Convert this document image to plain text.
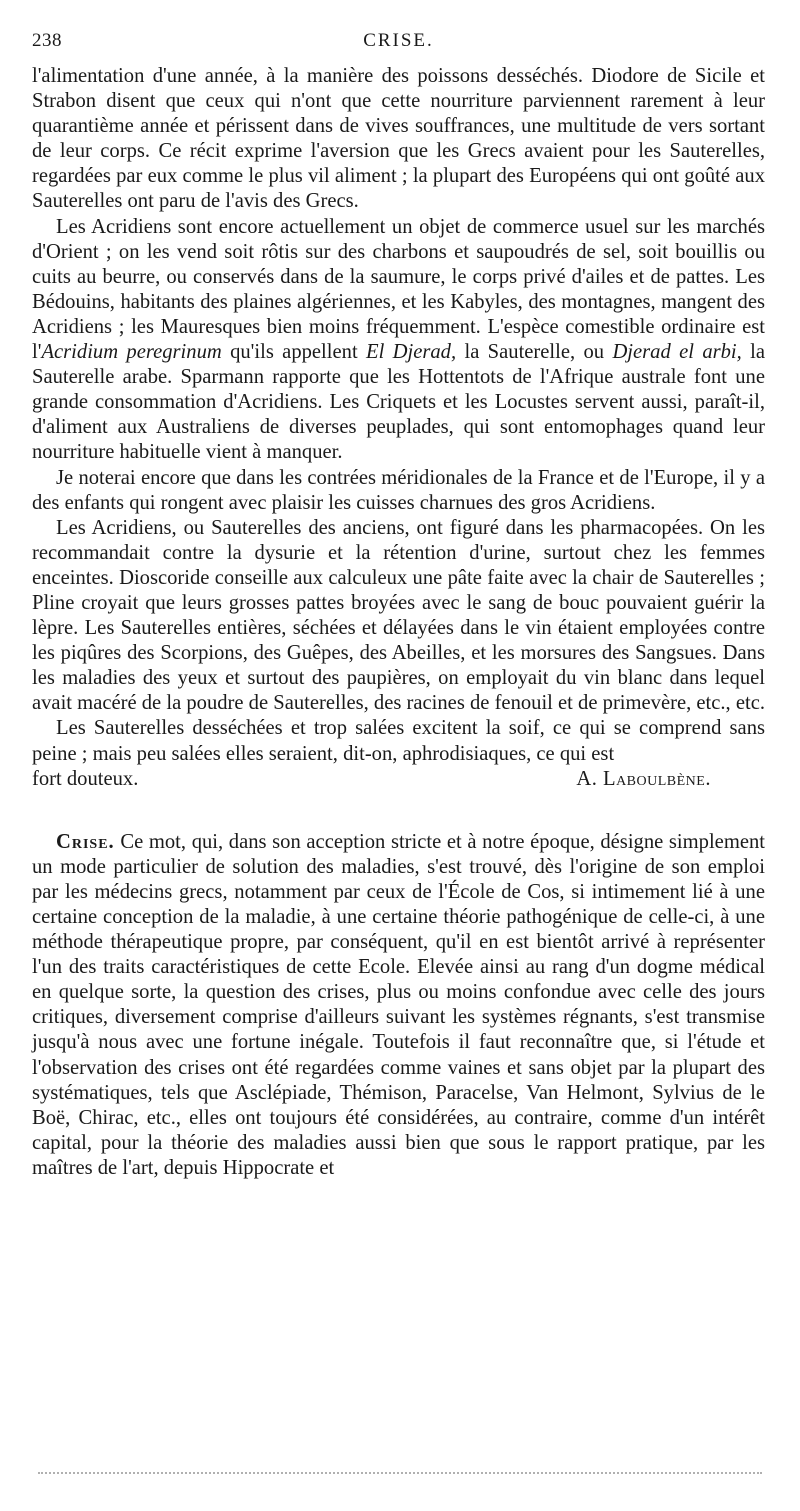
238	CRISE.

l'alimentation d'une année, à la manière des poissons desséchés. Diodore de Sicile et Strabon disent que ceux qui n'ont que cette nourriture parviennent rarement à leur quarantième année et périssent dans de vives souffrances, une multitude de vers sortant de leur corps. Ce récit exprime l'aversion que les Grecs avaient pour les Sauterelles, regardées par eux comme le plus vil aliment ; la plupart des Européens qui ont goûté aux Sauterelles ont paru de l'avis des Grecs.

Les Acridiens sont encore actuellement un objet de commerce usuel sur les marchés d'Orient ; on les vend soit rôtis sur des charbons et saupoudrés de sel, soit bouillis ou cuits au beurre, ou conservés dans de la saumure, le corps privé d'ailes et de pattes. Les Bédouins, habitants des plaines algériennes, et les Kabyles, des montagnes, mangent des Acridiens ; les Mauresques bien moins fréquemment. L'espèce comestible ordinaire est l'Acridium peregrinum qu'ils appellent El Djerad, la Sauterelle, ou Djerad el arbi, la Sauterelle arabe. Sparmann rapporte que les Hottentots de l'Afrique australe font une grande consommation d'Acridiens. Les Criquets et les Locustes servent aussi, paraît-il, d'aliment aux Australiens de diverses peuplades, qui sont entomophages quand leur nourriture habituelle vient à manquer.

Je noterai encore que dans les contrées méridionales de la France et de l'Europe, il y a des enfants qui rongent avec plaisir les cuisses charnues des gros Acridiens.

Les Acridiens, ou Sauterelles des anciens, ont figuré dans les pharmacopées. On les recommandait contre la dysurie et la rétention d'urine, surtout chez les femmes enceintes. Dioscoride conseille aux calculeux une pâte faite avec la chair de Sauterelles ; Pline croyait que leurs grosses pattes broyées avec le sang de bouc pouvaient guérir la lèpre. Les Sauterelles entières, séchées et délayées dans le vin étaient employées contre les piqûres des Scorpions, des Guêpes, des Abeilles, et les morsures des Sangsues. Dans les maladies des yeux et surtout des paupières, on employait du vin blanc dans lequel avait macéré de la poudre de Sauterelles, des racines de fenouil et de primevère, etc., etc.

Les Sauterelles desséchées et trop salées excitent la soif, ce qui se comprend sans peine ; mais peu salées elles seraient, dit-on, aphrodisiaques, ce qui est

fort douteux.	A. Laboulbène.

Crise. Ce mot, qui, dans son acception stricte et à notre époque, désigne simplement un mode particulier de solution des maladies, s'est trouvé, dès l'origine de son emploi par les médecins grecs, notamment par ceux de l'École de Cos, si intimement lié à une certaine conception de la maladie, à une certaine théorie pathogénique de celle-ci, à une méthode thérapeutique propre, par conséquent, qu'il en est bientôt arrivé à représenter l'un des traits caractéristiques de cette Ecole. Elevée ainsi au rang d'un dogme médical en quelque sorte, la question des crises, plus ou moins confondue avec celle des jours critiques, diversement comprise d'ailleurs suivant les systèmes régnants, s'est transmise jusqu'à nous avec une fortune inégale. Toutefois il faut reconnaître que, si l'étude et l'observation des crises ont été regardées comme vaines et sans objet par la plupart des systématiques, tels que Asclépiade, Thémison, Paracelse, Van Helmont, Sylvius de le Boë, Chirac, etc., elles ont toujours été considérées, au contraire, comme d'un intérêt capital, pour la théorie des maladies aussi bien que sous le rapport pratique, par les maîtres de l'art, depuis Hippocrate et
